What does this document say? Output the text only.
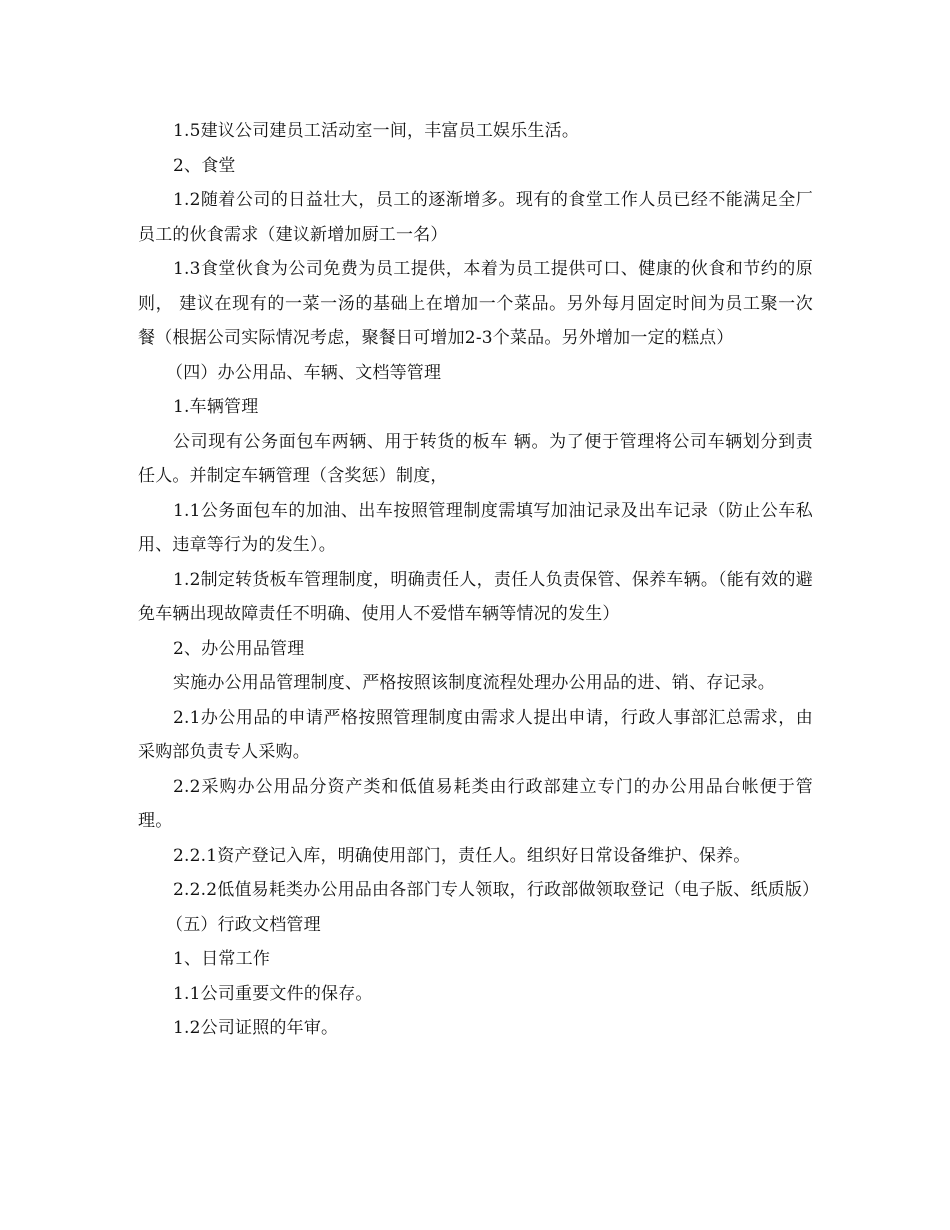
1.5建议公司建员工活动室一间，丰富员工娱乐生活。

2、食堂

1.2随着公司的日益壮大，员工的逐渐增多。现有的食堂工作人员已经不能满足全厂员工的伙食需求（建议新增加厨工一名）

1.3食堂伙食为公司免费为员工提供，本着为员工提供可口、健康的伙食和节约的原则， 建议在现有的一菜一汤的基础上在增加一个菜品。另外每月固定时间为员工聚一次餐（根据公司实际情况考虑，聚餐日可增加2-3个菜品。另外增加一定的糕点）

（四）办公用品、车辆、文档等管理

1.车辆管理

公司现有公务面包车两辆、用于转货的板车 辆。为了便于管理将公司车辆划分到责任人。并制定车辆管理（含奖惩）制度，

1.1公务面包车的加油、出车按照管理制度需填写加油记录及出车记录（防止公车私用、违章等行为的发生）。

1.2制定转货板车管理制度，明确责任人，责任人负责保管、保养车辆。（能有效的避免车辆出现故障责任不明确、使用人不爱惜车辆等情况的发生）

2、办公用品管理

实施办公用品管理制度、严格按照该制度流程处理办公用品的进、销、存记录。

2.1办公用品的申请严格按照管理制度由需求人提出申请，行政人事部汇总需求，由采购部负责专人采购。

2.2采购办公用品分资产类和低值易耗类由行政部建立专门的办公用品台帐便于管理。

2.2.1资产登记入库，明确使用部门，责任人。组织好日常设备维护、保养。

2.2.2低值易耗类办公用品由各部门专人领取，行政部做领取登记（电子版、纸质版）

（五）行政文档管理

1、日常工作

1.1公司重要文件的保存。

1.2公司证照的年审。
